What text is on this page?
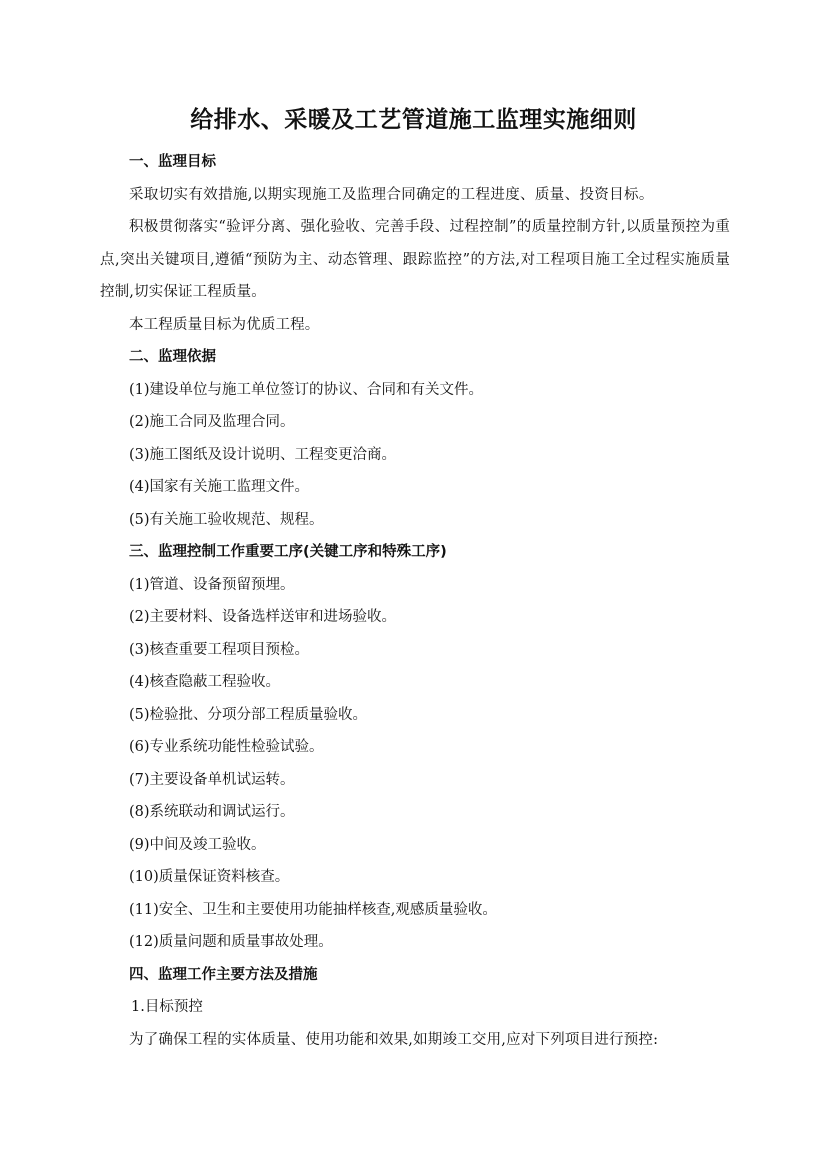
给排水、采暖及工艺管道施工监理实施细则
一、监理目标

采取切实有效措施,以期实现施工及监理合同确定的工程进度、质量、投资目标。

积极贯彻落实“验评分离、强化验收、完善手段、过程控制”的质量控制方针,以质量预控为重点,突出关键项目,遵循“预防为主、动态管理、跟踪监控”的方法,对工程项目施工全过程实施质量控制,切实保证工程质量。

本工程质量目标为优质工程。

二、监理依据
(1)建设单位与施工单位签订的协议、合同和有关文件。
(2)施工合同及监理合同。
(3)施工图纸及设计说明、工程变更洽商。
(4)国家有关施工监理文件。
(5)有关施工验收规范、规程。
三、监理控制工作重要工序(关键工序和特殊工序)
(1)管道、设备预留预埋。
(2)主要材料、设备选样送审和进场验收。
(3)核查重要工程项目预检。
(4)核查隐蔽工程验收。
(5)检验批、分项分部工程质量验收。
(6)专业系统功能性检验试验。
(7)主要设备单机试运转。
(8)系统联动和调试运行。
(9)中间及竣工验收。
(10)质量保证资料核查。
(11)安全、卫生和主要使用功能抽样核查,观感质量验收。
(12)质量问题和质量事故处理。
四、监理工作主要方法及措施
1.目标预控
为了确保工程的实体质量、使用功能和效果,如期竣工交用,应对下列项目进行预控:
